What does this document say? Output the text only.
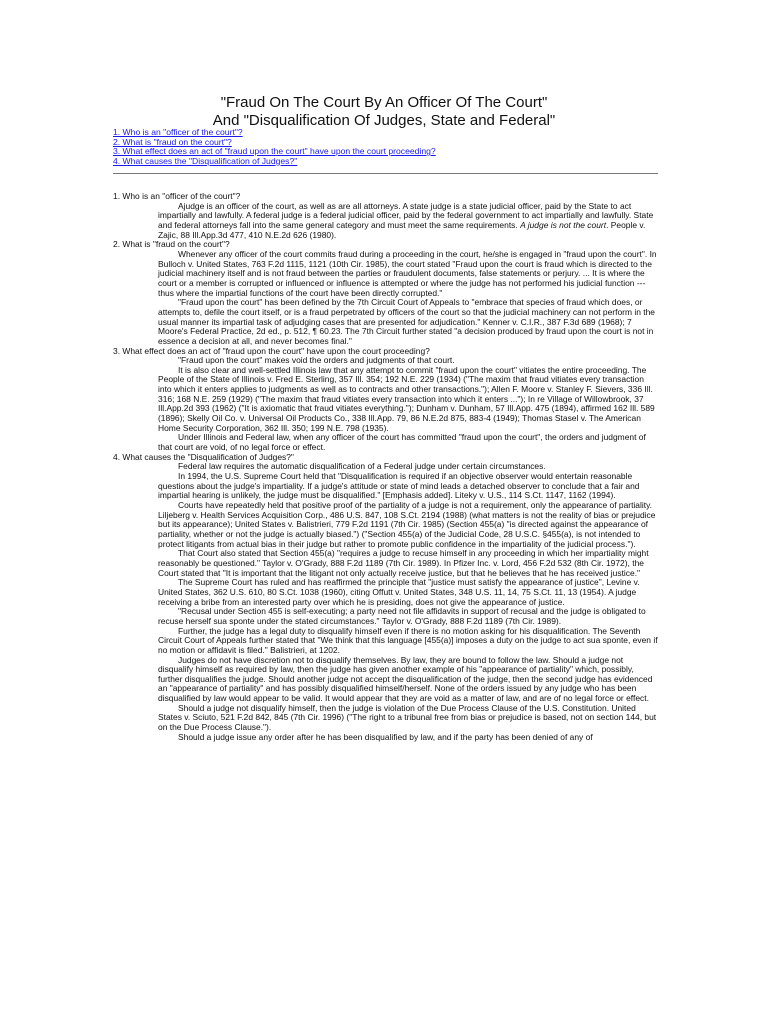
"Fraud On The Court By An Officer Of The Court"
And "Disqualification Of Judges, State and Federal"
1. Who is an "officer of the court"?
2. What is "fraud on the court"?
3. What effect does an act of "fraud upon the court" have upon the court proceeding?
4. What causes the "Disqualification of Judges?"

1. Who is an "officer of the court"?

Ajudge is an officer of the court, as well as are all attorneys. A state judge is a state judicial officer, paid by the State to act impartially and lawfully. A federal judge is a federal judicial officer, paid by the federal government to act impartially and lawfully. State and federal attorneys fall into the same general category and must meet the same requirements. A judge is not the court. People v. Zajic, 88 Ill.App.3d 477, 410 N.E.2d 626 (1980).

2. What is "fraud on the court"?

Whenever any officer of the court commits fraud during a proceeding in the court, he/she is engaged in "fraud upon the court". In Bulloch v. United States, 763 F.2d 1115, 1121 (10th Cir. 1985), the court stated "Fraud upon the court is fraud which is directed to the judicial machinery itself and is not fraud between the parties or fraudulent documents, false statements or perjury. ... It is where the court or a member is corrupted or influenced or influence is attempted or where the judge has not performed his judicial function --- thus where the impartial functions of the court have been directly corrupted."

"Fraud upon the court" has been defined by the 7th Circuit Court of Appeals to "embrace that species of fraud which does, or attempts to, defile the court itself, or is a fraud perpetrated by officers of the court so that the judicial machinery can not perform in the usual manner its impartial task of adjudging cases that are presented for adjudication." Kenner v. C.I.R., 387 F.3d 689 (1968); 7 Moore's Federal Practice, 2d ed., p. 512, ¶ 60.23. The 7th Circuit further stated "a decision produced by fraud upon the court is not in essence a decision at all, and never becomes final."

3. What effect does an act of "fraud upon the court" have upon the court proceeding?

"Fraud upon the court" makes void the orders and judgments of that court.

It is also clear and well-settled Illinois law that any attempt to commit "fraud upon the court" vitiates the entire proceeding. The People of the State of Illinois v. Fred E. Sterling, 357 Ill. 354; 192 N.E. 229 (1934) ("The maxim that fraud vitiates every transaction into which it enters applies to judgments as well as to contracts and other transactions."); Allen F. Moore v. Stanley F. Sievers, 336 Ill. 316; 168 N.E. 259 (1929) ("The maxim that fraud vitiates every transaction into which it enters ..."); In re Village of Willowbrook, 37 Ill.App.2d 393 (1962) ("It is axiomatic that fraud vitiates everything."); Dunham v. Dunham, 57 Ill.App. 475 (1894), affirmed 162 Ill. 589 (1896); Skelly Oil Co. v. Universal Oil Products Co., 338 Ill.App. 79, 86 N.E.2d 875, 883-4 (1949); Thomas Stasel v. The American Home Security Corporation, 362 Ill. 350; 199 N.E. 798 (1935).

Under Illinois and Federal law, when any officer of the court has committed "fraud upon the court", the orders and judgment of that court are void, of no legal force or effect.

4. What causes the "Disqualification of Judges?"

Federal law requires the automatic disqualification of a Federal judge under certain circumstances.

In 1994, the U.S. Supreme Court held that "Disqualification is required if an objective observer would entertain reasonable questions about the judge's impartiality. If a judge's attitude or state of mind leads a detached observer to conclude that a fair and impartial hearing is unlikely, the judge must be disqualified." [Emphasis added]. Liteky v. U.S., 114 S.Ct. 1147, 1162 (1994).

Courts have repeatedly held that positive proof of the partiality of a judge is not a requirement, only the appearance of partiality. Liljeberg v. Health Services Acquisition Corp., 486 U.S. 847, 108 S.Ct. 2194 (1988) (what matters is not the reality of bias or prejudice but its appearance); United States v. Balistrieri, 779 F.2d 1191 (7th Cir. 1985) (Section 455(a) "is directed against the appearance of partiality, whether or not the judge is actually biased.") ("Section 455(a) of the Judicial Code, 28 U.S.C. §455(a), is not intended to protect litigants from actual bias in their judge but rather to promote public confidence in the impartiality of the judicial process.").

That Court also stated that Section 455(a) "requires a judge to recuse himself in any proceeding in which her impartiality might reasonably be questioned." Taylor v. O'Grady, 888 F.2d 1189 (7th Cir. 1989). In Pfizer Inc. v. Lord, 456 F.2d 532 (8th Cir. 1972), the Court stated that "It is important that the litigant not only actually receive justice, but that he believes that he has received justice."

The Supreme Court has ruled and has reaffirmed the principle that "justice must satisfy the appearance of justice", Levine v. United States, 362 U.S. 610, 80 S.Ct. 1038 (1960), citing Offutt v. United States, 348 U.S. 11, 14, 75 S.Ct. 11, 13 (1954). A judge receiving a bribe from an interested party over which he is presiding, does not give the appearance of justice.

"Recusal under Section 455 is self-executing; a party need not file affidavits in support of recusal and the judge is obligated to recuse herself sua sponte under the stated circumstances." Taylor v. O'Grady, 888 F.2d 1189 (7th Cir. 1989).

Further, the judge has a legal duty to disqualify himself even if there is no motion asking for his disqualification. The Seventh Circuit Court of Appeals further stated that "We think that this language [455(a)] imposes a duty on the judge to act sua sponte, even if no motion or affidavit is filed." Balistrieri, at 1202.

Judges do not have discretion not to disqualify themselves. By law, they are bound to follow the law. Should a judge not disqualify himself as required by law, then the judge has given another example of his "appearance of partiality" which, possibly, further disqualifies the judge. Should another judge not accept the disqualification of the judge, then the second judge has evidenced an "appearance of partiality" and has possibly disqualified himself/herself. None of the orders issued by any judge who has been disqualified by law would appear to be valid. It would appear that they are void as a matter of law, and are of no legal force or effect.

Should a judge not disqualify himself, then the judge is violation of the Due Process Clause of the U.S. Constitution. United States v. Sciuto, 521 F.2d 842, 845 (7th Cir. 1996) ("The right to a tribunal free from bias or prejudice is based, not on section 144, but on the Due Process Clause.").

Should a judge issue any order after he has been disqualified by law, and if the party has been denied of any of
